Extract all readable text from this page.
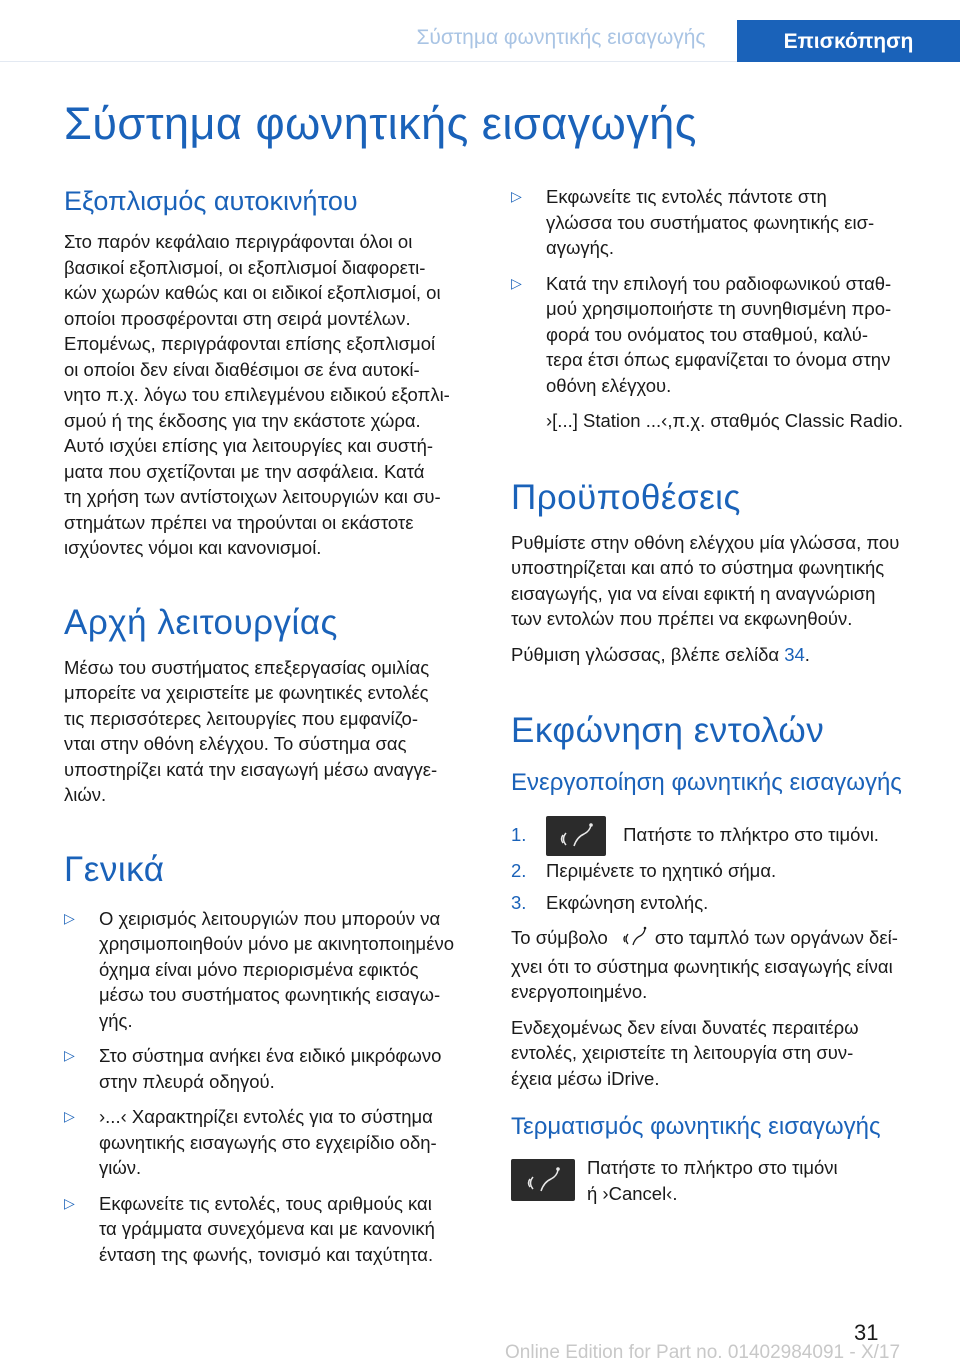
Σύστημα φωνητικής εισαγωγής	Επισκόπηση
Σύστημα φωνητικής εισαγωγής
Εξοπλισμός αυτοκινήτου

Στο παρόν κεφάλαιο περιγράφονται όλοι οι

βασικοί εξοπλισμοί, οι εξοπλισμοί διαφορετι‐

κών χωρών καθώς και οι ειδικοί εξοπλισμοί, οι

οποίοι προσφέρονται στη σειρά μοντέλων.

Επομένως, περιγράφονται επίσης εξοπλισμοί

οι οποίοι δεν είναι διαθέσιμοι σε ένα αυτοκί‐

νητο π.χ. λόγω του επιλεγμένου ειδικού εξοπλι‐

σμού ή της έκδοσης για την εκάστοτε χώρα.

Αυτό ισχύει επίσης για λειτουργίες και συστή‐

ματα που σχετίζονται με την ασφάλεια. Κατά

τη χρήση των αντίστοιχων λειτουργιών και συ‐

στημάτων πρέπει να τηρούνται οι εκάστοτε

ισχύοντες νόμοι και κανονισμοί.

Αρχή λειτουργίας

Μέσω του συστήματος επεξεργασίας ομιλίας

μπορείτε να χειριστείτε με φωνητικές εντολές

τις περισσότερες λειτουργίες που εμφανίζο‐

νται στην οθόνη ελέγχου. Το σύστημα σας

υποστηρίζει κατά την εισαγωγή μέσω αναγγε‐

λιών.

Γενικά
▷ Ο χειρισμός λειτουργιών που μπορούν να
χρησιμοποιηθούν μόνο με ακινητοποιημένο
όχημα είναι μόνο περιορισμένα εφικτός
μέσω του συστήματος φωνητικής εισαγω‐
γής.
▷ Στο σύστημα ανήκει ένα ειδικό μικρόφωνο
στην πλευρά οδηγού.
▷ ›...‹ Χαρακτηρίζει εντολές για το σύστημα
φωνητικής εισαγωγής στο εγχειρίδιο οδη‐
γιών.
▷ Εκφωνείτε τις εντολές, τους αριθμούς και
τα γράμματα συνεχόμενα και με κανονική
ένταση της φωνής, τονισμό και ταχύτητα.
▷ Εκφωνείτε τις εντολές πάντοτε στη
γλώσσα του συστήματος φωνητικής εισ‐
αγωγής.
▷ Κατά την επιλογή του ραδιοφωνικού σταθ‐
μού χρησιμοποιήστε τη συνηθισμένη προ‐
φορά του ονόματος του σταθμού, καλύ‐
τερα έτσι όπως εμφανίζεται το όνομα στην
οθόνη ελέγχου.

›[...] Station ...‹,π.χ. σταθμός Classic Radio.

Προϋποθέσεις

Ρυθμίστε στην οθόνη ελέγχου μία γλώσσα, που

υποστηρίζεται και από το σύστημα φωνητικής

εισαγωγής, για να είναι εφικτή η αναγνώριση

των εντολών που πρέπει να εκφωνηθούν.

Ρύθμιση γλώσσας, βλέπε σελίδα 34.

Εκφώνηση εντολών
Ενεργοποίηση φωνητικής εισαγωγής
1.	Πατήστε το πλήκτρο στο τιμόνι.
2. Περιμένετε το ηχητικό σήμα.
3. Εκφώνηση εντολής.

Το σύμβολο	στο ταμπλό των οργάνων δεί‐

χνει ότι το σύστημα φωνητικής εισαγωγής είναι

ενεργοποιημένο.

Ενδεχομένως δεν είναι δυνατές περαιτέρω

εντολές, χειριστείτε τη λειτουργία στη συν‐

έχεια μέσω iDrive.

Τερματισμός φωνητικής εισαγωγής

Πατήστε το πλήκτρο στο τιμόνι

ή ›Cancel‹.

31
Online Edition for Part no. 01402984091 - X/17
